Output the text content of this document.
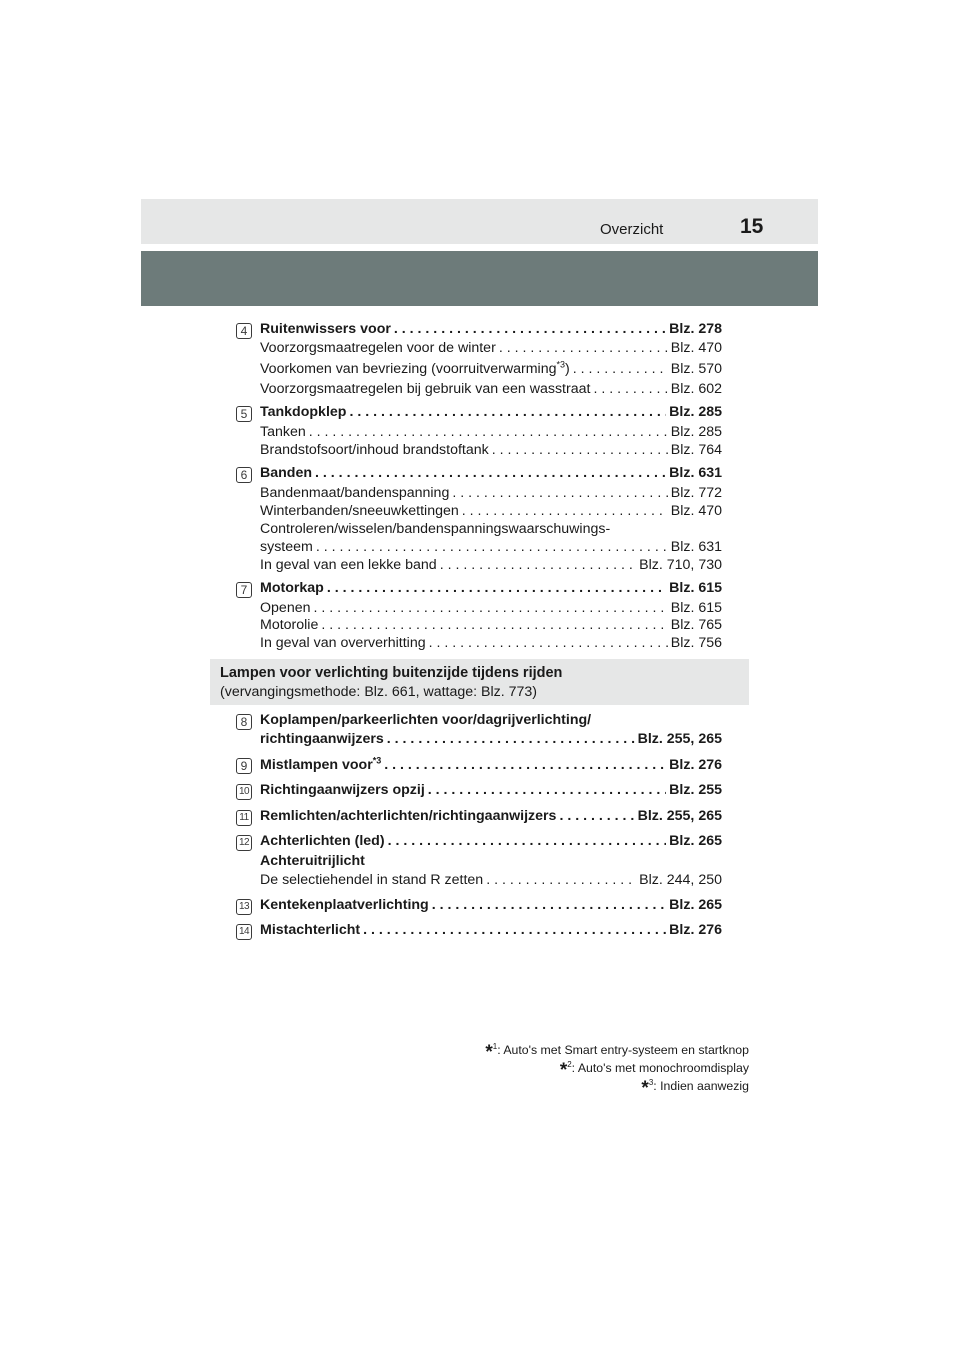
Overzicht	15
4 Ruitenwissers voor . . .	Blz. 278
Voorzorgsmaatregelen voor de winter . . .	Blz. 470
Voorkomen van bevriezing (voorruitverwarming$^{*3}$) . . .	Blz. 570
Voorzorgsmaatregelen bij gebruik van een wasstraat . . .	Blz. 602
5 Tankdopklep . . .	Blz. 285
Tanken . . .	Blz. 285
Brandstofsoort/inhoud brandstoftank . . .	Blz. 764
6 Banden . . .	Blz. 631
Bandenmaat/bandenspanning . . .	Blz. 772
Winterbanden/sneeuwkettingen . . .	Blz. 470
Controleren/wisselen/bandenspanningswaarschuwings-
systeem . . .	Blz. 631
In geval van een lekke band . . .	Blz. 710, 730
7 Motorkap . . .	Blz. 615
Openen . . .	Blz. 615
Motorolie . . .	Blz. 765
In geval van oververhitting . . .	Blz. 756
Lampen voor verlichting buitenzijde tijdens rijden
(vervangingsmethode: Blz. 661, wattage: Blz. 773)
8 Koplampen/parkeerlichten voor/dagrijverlichting/
richtingaanwijzers . . .	Blz. 255, 265
9 Mistlampen voor$^{*3}$ . . .	Blz. 276
10 Richtingaanwijzers opzij . . .	Blz. 255
11 Remlichten/achterlichten/richtingaanwijzers . . .	Blz. 255, 265
12 Achterlichten (led) . . .	Blz. 265
Achteruitrijlicht
De selectiehendel in stand R zetten . . .	Blz. 244, 250
13 Kentekenplaatverlichting . . .	Blz. 265
14 Mistachterlicht . . .	Blz. 276
*$^1$: Auto's met Smart entry-systeem en startknop
*$^2$: Auto's met monochroomdisplay
*$^3$: Indien aanwezig
